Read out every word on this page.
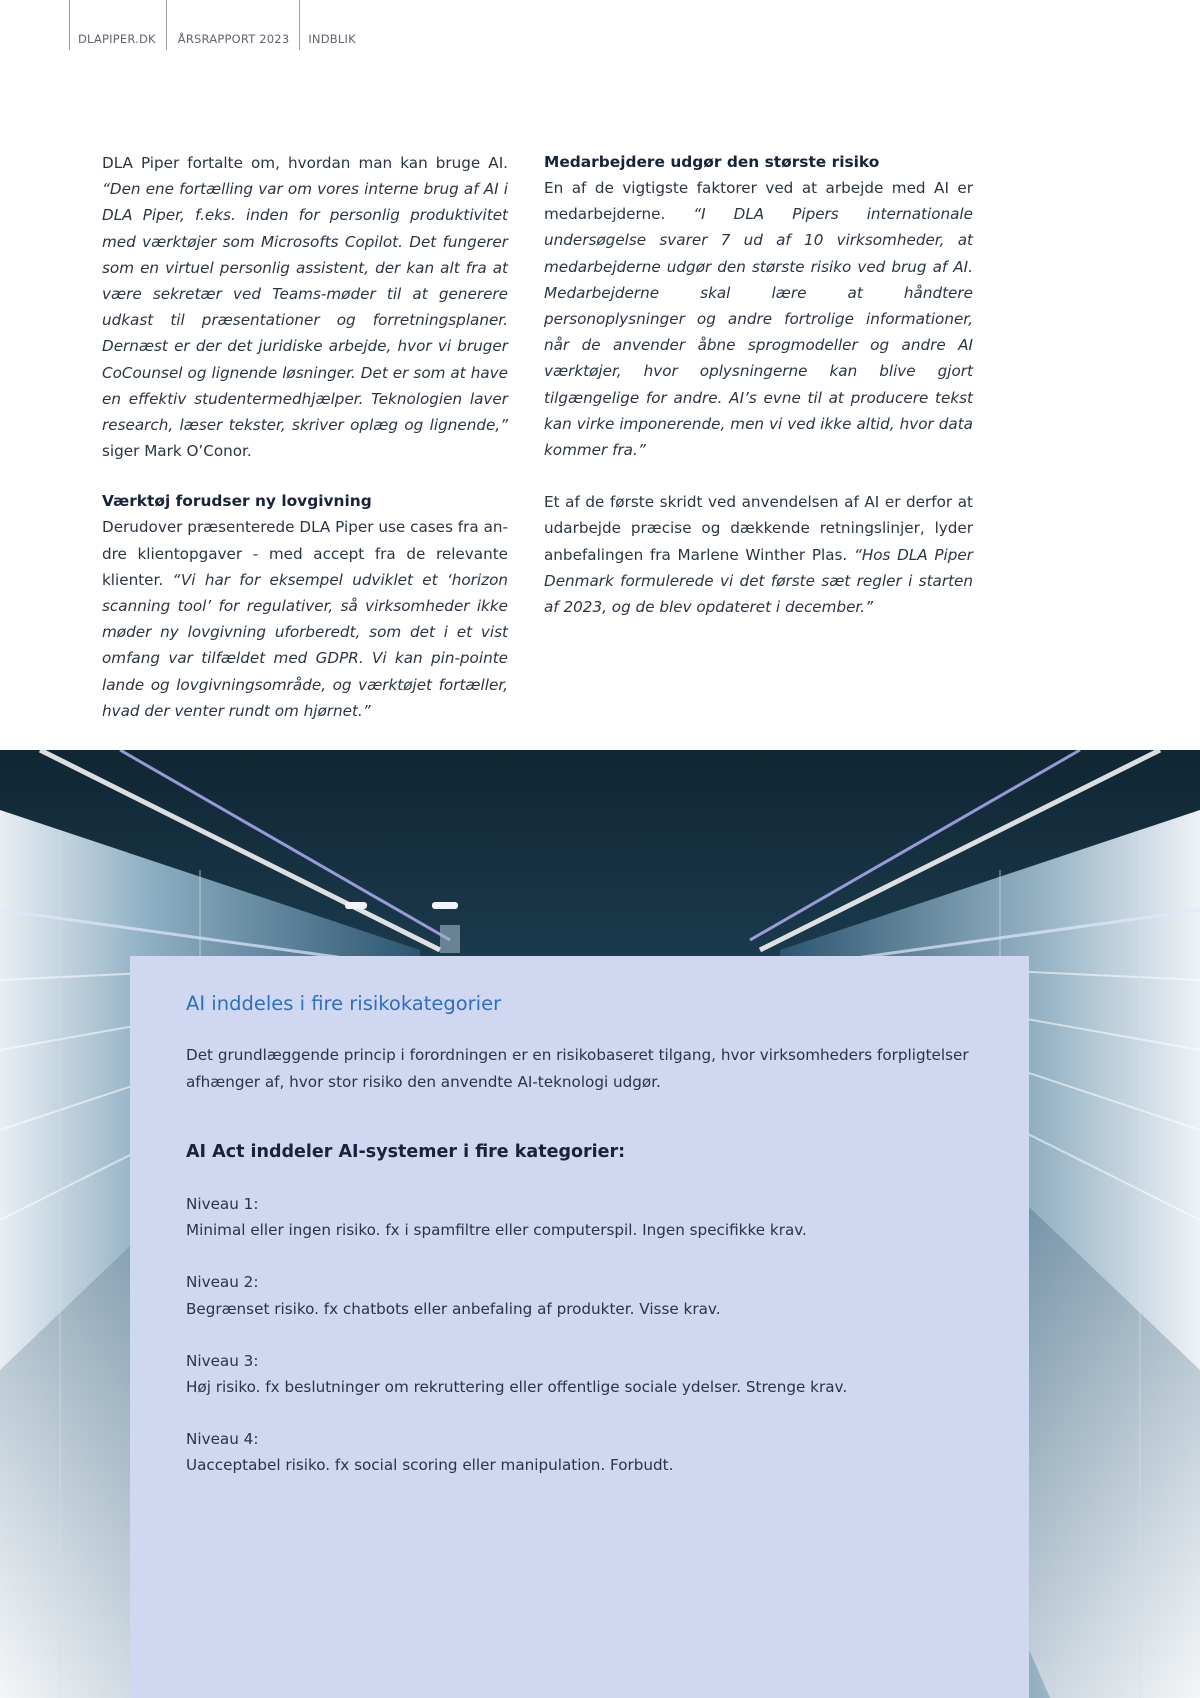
DLAPIPER.DK	ÅRSRAPPORT 2023	INDBLIK

DLA Piper fortalte om, hvordan man kan bruge AI. “Den ene fortælling var om vores interne brug af AI i DLA Piper, f.eks. inden for personlig produktivitet med værktøjer som Microsofts Copilot. Det fungerer som en virtuel personlig assistent, der kan alt fra at være sekretær ved Teams-møder til at generere udkast til præsentationer og forretningsplaner. Dernæst er der det juridiske arbejde, hvor vi bruger CoCounsel og lignende løsninger. Det er som at have en effektiv studentermedhjælper. Teknologien laver research, læser tekster, skriver oplæg og lignende,” siger Mark O’Conor.

Værktøj forudser ny lovgivning

Derudover præsenterede DLA Piper use cases fra andre klientopgaver - med accept fra de relevante klienter. “Vi har for eksempel udviklet et ‘horizon scanning tool’ for regulativer, så virksomheder ikke møder ny lovgivning uforberedt, som det i et vist omfang var tilfældet med GDPR. Vi kan pin-pointe lande og lovgivningsområde, og værktøjet fortæller, hvad der venter rundt om hjørnet.”

Medarbejdere udgør den største risiko

En af de vigtigste faktorer ved at arbejde med AI er medarbejderne. “I DLA Pipers internationale undersøgelse svarer 7 ud af 10 virksomheder, at medarbejderne udgør den største risiko ved brug af AI. Medarbejderne skal lære at håndtere personoplysninger og andre fortrolige informationer, når de anvender åbne sprogmodeller og andre AI værktøjer, hvor oplysningerne kan blive gjort tilgængelige for andre. AI’s evne til at producere tekst kan virke imponerende, men vi ved ikke altid, hvor data kommer fra.”

Et af de første skridt ved anvendelsen af AI er derfor at udarbejde præcise og dækkende retningslinjer, lyder anbefalingen fra Marlene Winther Plas. “Hos DLA Piper Denmark formulerede vi det første sæt regler i starten af 2023, og de blev opdateret i december.”

AI inddeles i fire risikokategorier

Det grundlæggende princip i forordningen er en risikobaseret tilgang, hvor virksomheders forpligtelser afhænger af, hvor stor risiko den anvendte AI-teknologi udgør.

AI Act inddeler AI-systemer i fire kategorier:
Niveau 1:
Minimal eller ingen risiko. fx i spamfiltre eller computerspil. Ingen specifikke krav.
Niveau 2:
Begrænset risiko. fx chatbots eller anbefaling af produkter. Visse krav.
Niveau 3:
Høj risiko. fx beslutninger om rekruttering eller offentlige sociale ydelser. Strenge krav.
Niveau 4:
Uacceptabel risiko. fx social scoring eller manipulation. Forbudt.
